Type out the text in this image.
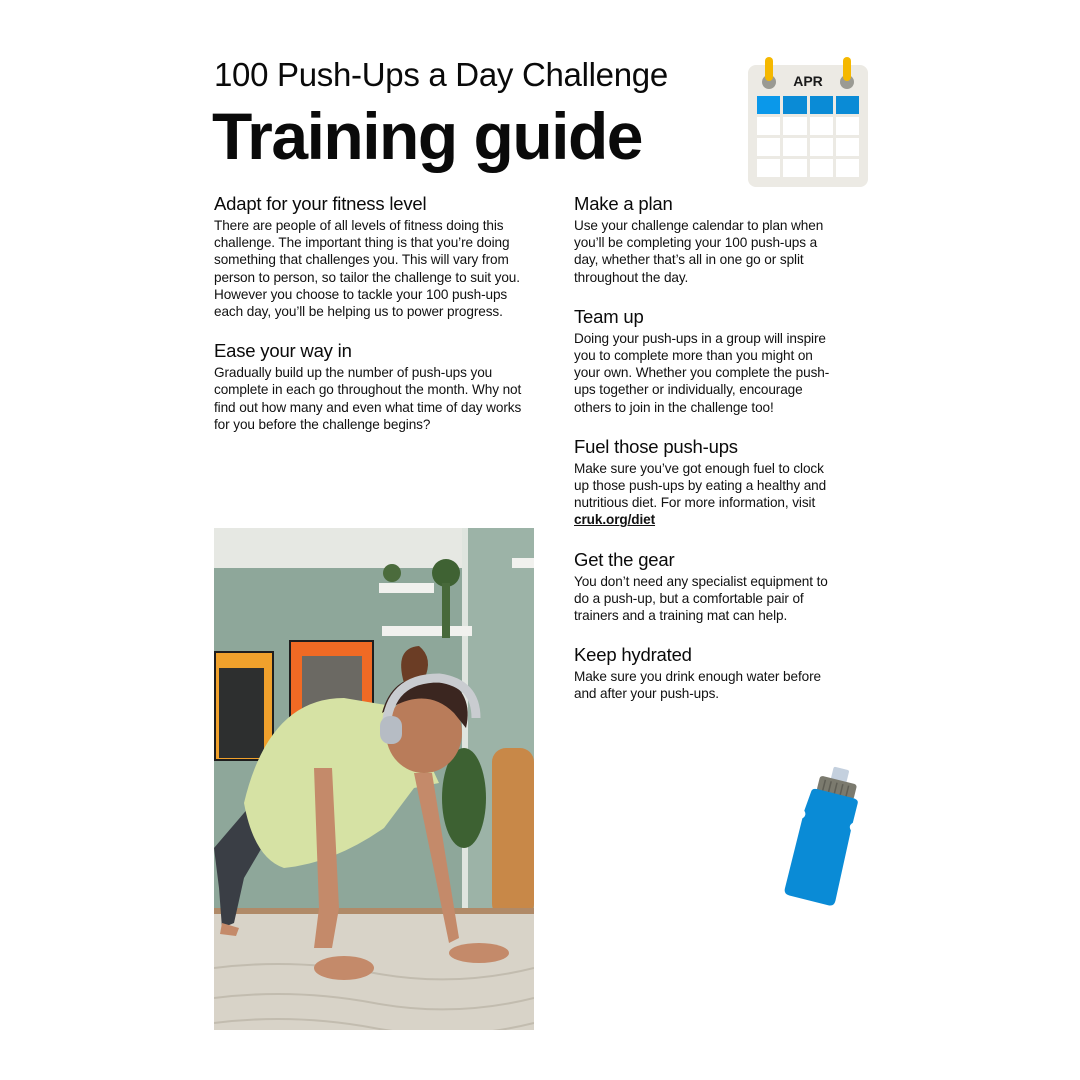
100 Push-Ups a Day Challenge
Training guide
APR
Adapt for your fitness level

There are people of all levels of fitness doing this challenge. The important thing is that you’re doing something that challenges you. This will vary from person to person, so tailor the challenge to suit you. However you choose to tackle your 100 push-ups each day, you’ll be helping us to power progress.

Ease your way in

Gradually build up the number of push-ups you complete in each go throughout the month. Why not find out how many and even what time of day works for you before the challenge begins?

Make a plan

Use your challenge calendar to plan when you’ll be completing your 100 push-ups a day, whether that’s all in one go or split throughout the day.

Team up

Doing your push-ups in a group will inspire you to complete more than you might on your own. Whether you complete the push-ups together or individually, encourage others to join in the challenge too!

Fuel those push-ups

Make sure you’ve got enough fuel to clock up those push-ups by eating a healthy and nutritious diet. For more information, visit cruk.org/diet

Get the gear

You don’t need any specialist equipment to do a push-up, but a comfortable pair of trainers and a training mat can help.

Keep hydrated

Make sure you drink enough water before and after your push-ups.
